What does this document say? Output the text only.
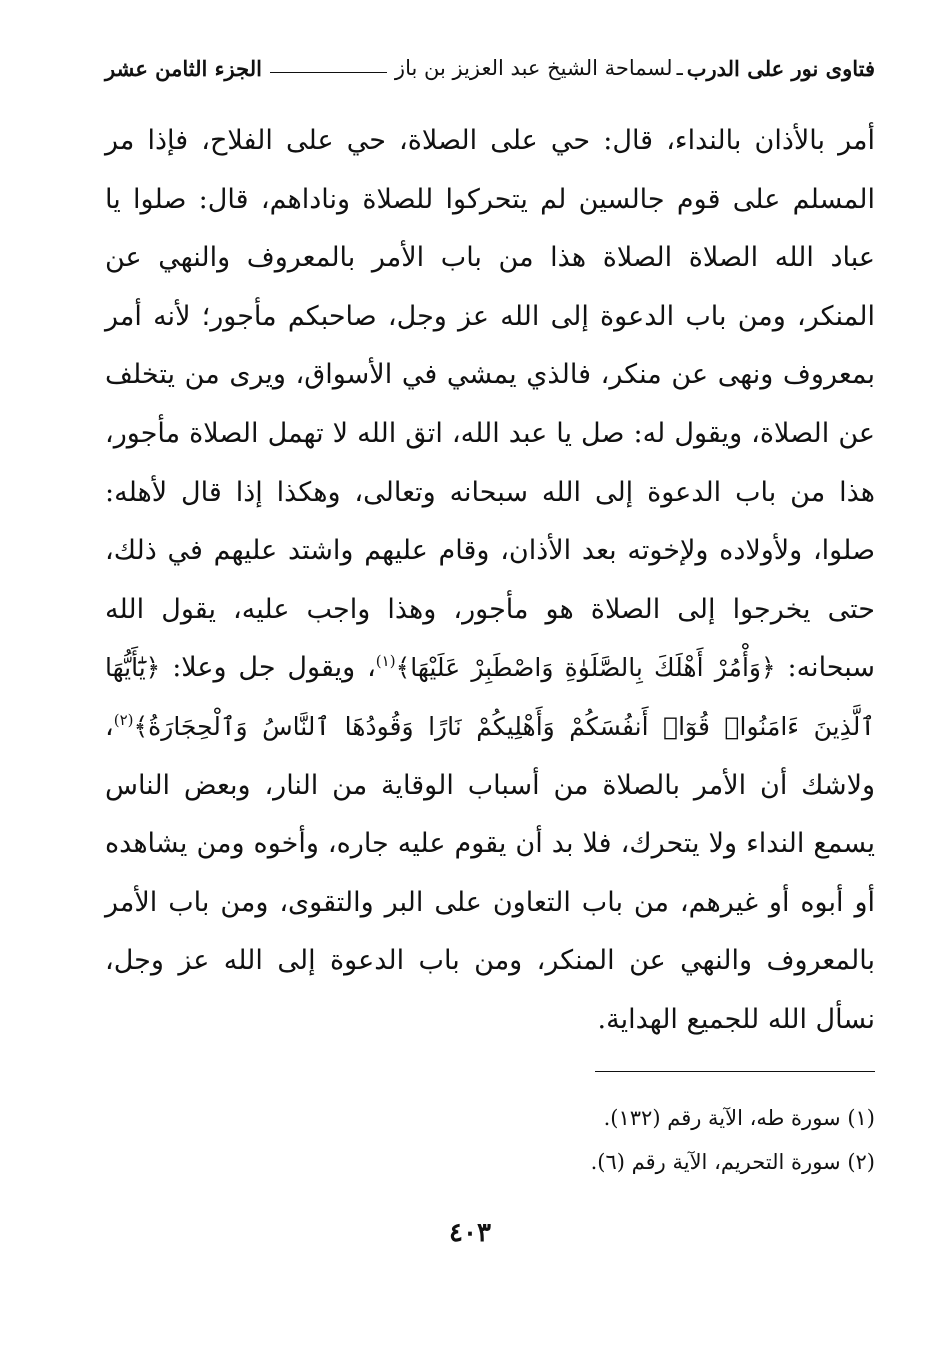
فتاوى نور على الدرب
ـ
لسماحة الشيخ عبد العزيز بن باز
الجزء الثامن عشر

أمر بالأذان بالنداء، قال: حي على الصلاة، حي على الفلاح، فإذا مر المسلم على قوم جالسين لم يتحركوا للصلاة وناداهم، قال: صلوا يا عباد الله الصلاة الصلاة هذا من باب الأمر بالمعروف والنهي عن المنكر، ومن باب الدعوة إلى الله عز وجل، صاحبكم مأجور؛ لأنه أمر بمعروف ونهى عن منكر، فالذي يمشي في الأسواق، ويرى من يتخلف عن الصلاة، ويقول له: صل يا عبد الله، اتق الله لا تهمل الصلاة مأجور، هذا من باب الدعوة إلى الله سبحانه وتعالى، وهكذا إذا قال لأهله: صلوا، ولأولاده ولإخوته بعد الأذان، وقام عليهم واشتد عليهم في ذلك، حتى يخرجوا إلى الصلاة هو مأجور، وهذا واجب عليه، يقول الله سبحانه: ﴿وَأْمُرْ أَهْلَكَ بِالصَّلَوٰةِ وَاصْطَبِرْ عَلَيْهَا﴾$^{(١)}$، ويقول جل وعلا: ﴿يَٰٓأَيُّهَا ٱلَّذِينَ ءَامَنُوا۟ قُوٓا۟ أَنفُسَكُمْ وَأَهْلِيكُمْ نَارًا وَقُودُهَا ٱلنَّاسُ وَٱلْحِجَارَةُ﴾$^{(٢)}$، ولاشك أن الأمر بالصلاة من أسباب الوقاية من النار، وبعض الناس يسمع النداء ولا يتحرك، فلا بد أن يقوم عليه جاره، وأخوه ومن يشاهده أو أبوه أو غيرهم، من باب التعاون على البر والتقوى، ومن باب الأمر بالمعروف والنهي عن المنكر، ومن باب الدعوة إلى الله عز وجل، نسأل الله للجميع الهداية.

(١) سورة طه، الآية رقم (١٣٢).

(٢) سورة التحريم، الآية رقم (٦).

٤٠٣
